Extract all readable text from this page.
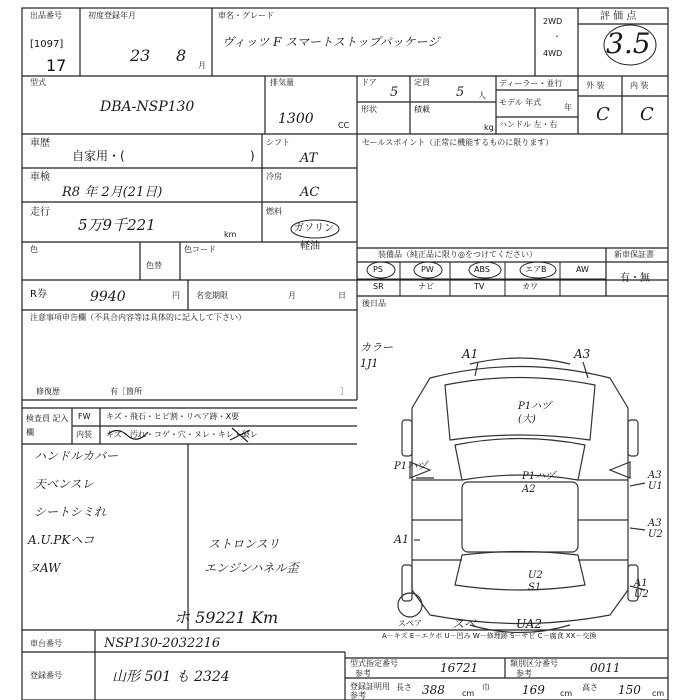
出品番号
[1097]
17
初度登録年月
23 8
月
車名・グレード
ヴィッツ F スマートストップパッケージ
2WD
・
4WD
評 価 点
3.5
型式
DBA-NSP130
排気量
1300	CC
ドア
5
定員
5 人
形状	積載
kg
ディーラー・並行
モデル 年式
年
ハンドル 左・右
外 装	内 装
C C
車歴
自家用・(	)
シフト
AT
セールスポイント（正常に機能するものに限ります）
車検
R8 年 2月(21日)
冷房
AC
走行
5万9千221
km
燃料
ガソリン
軽油
色
色替
色コード
装備品（純正品に限り◎をつけてください）	新車保証書
有・無
PS	PW	ABS	エアB	AW
SR	ナビ	TV	カワ
R券	9940	円 名変期限	月	日
後日品
注意事項申告欄（不具合内容等は具体的に記入して下さい）
修復歴	有［箇所	］
検査員 記入欄
FW キズ・飛石・ヒビ割・リペア跡・X要
内装 キズ・汚れ・コゲ・穴・ヌレ・キレ・破レ
ハンドルカバー
天ベンスレ
シートシミれ
A.U.PKヘコ
ヌAW
ストロンスリ
エンジンハネル歪
ホ 59221 Km
カラー 1J1
A1	A3
P1ハヅ (大)
P1ハヅ
P1ハヅ A2
A3 U1
A3 U2
A1
U2 S1	A1 U2
スベ	UA2
スペア
A－キズ E－エクボ U－凹み W－修理跡 S－サビ C－腐食 XX－交換
車台番号	NSP130-2032216
登録番号	山形 501 も 2324
型式指定番号
参考	16721	類別区分番号
参考	0011
登録証明用 参考
長さ 388 cm
巾	169 cm
高さ 150 cm
